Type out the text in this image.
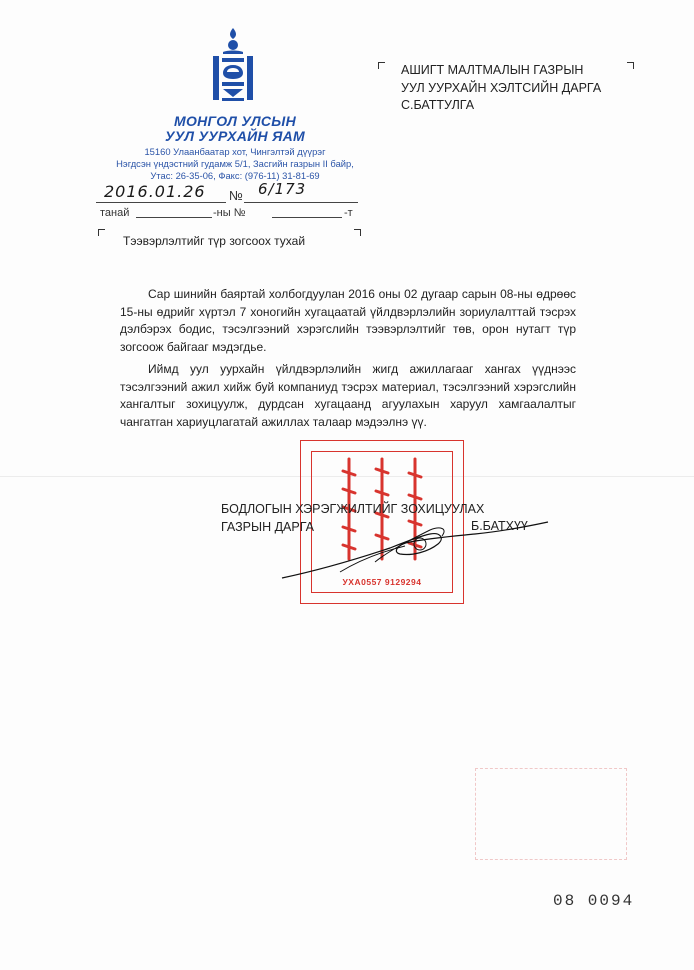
МОНГОЛ УЛСЫН
УУЛ УУРХАЙН ЯАМ
15160 Улаанбаатар хот, Чингэлтэй дүүрэг
Нэгдсэн үндэстний гудамж 5/1, Засгийн газрын II байр,
Утас: 26-35-06, Факс: (976-11) 31-81-69
2016.01.26 № 6/173
танай	-ны №	-т
АШИГТ МАЛТМАЛЫН ГАЗРЫН
УУЛ УУРХАЙН ХЭЛТСИЙН ДАРГА
С.БАТТУЛГА
Тээвэрлэлтийг түр зогсоох тухай
Сар шинийн баяртай холбогдуулан 2016 оны 02 дугаар сарын 08-ны өдрөөс 15-ны өдрийг хүртэл 7 хоногийн хугацаатай үйлдвэрлэлийн зориулалттай тэсрэх дэлбэрэх бодис, тэсэлгээний хэрэгслийн тээвэрлэлтийг төв, орон нутагт түр зогсоож байгааг мэдэгдье.
Иймд уул уурхайн үйлдвэрлэлийн жигд ажиллагааг хангах үүднээс тэсэлгээний ажил хийж буй компаниуд тэсрэх материал, тэсэлгээний хэрэгслийн хангалтыг зохицуулж, дурдсан хугацаанд агуулахын харуул хамгаалалтыг чангатган хариуцлагатай ажиллах талаар мэдээлнэ үү.
УХА0557 9129294
БОДЛОГЫН ХЭРЭГЖИЛТИЙГ ЗОХИЦУУЛАХ
ГАЗРЫН ДАРГА	Б.БАТХҮҮ
08 0094
